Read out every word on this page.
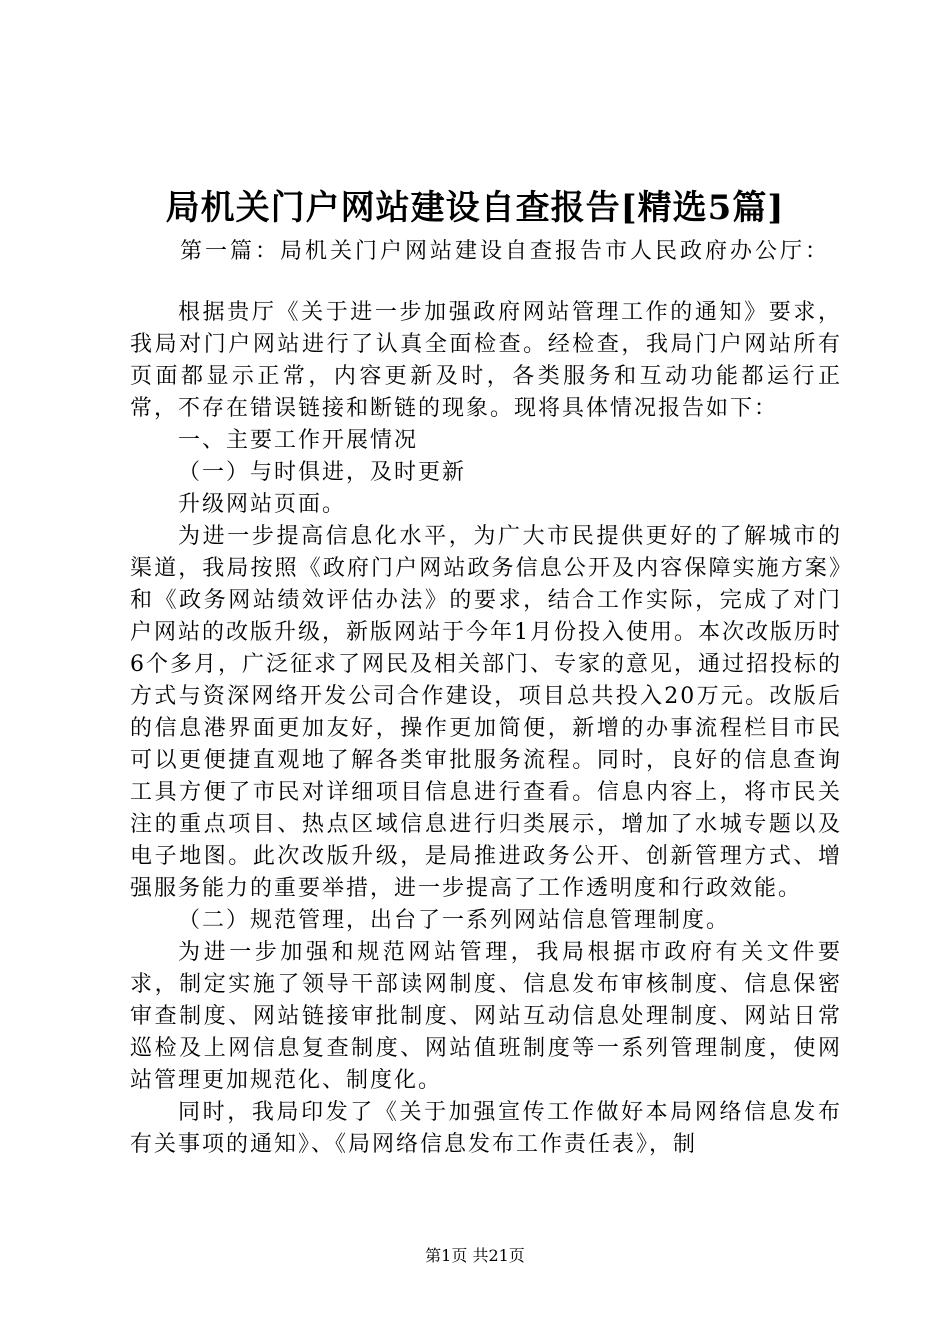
局机关门户网站建设自查报告[精选5篇]
第一篇：局机关门户网站建设自查报告市人民政府办公厅：

根据贵厅《关于进一步加强政府网站管理工作的通知》要求，我局对门户网站进行了认真全面检查。经检查，我局门户网站所有页面都显示正常，内容更新及时，各类服务和互动功能都运行正常，不存在错误链接和断链的现象。现将具体情况报告如下：

一、主要工作开展情况

（一）与时俱进，及时更新

升级网站页面。

为进一步提高信息化水平，为广大市民提供更好的了解城市的渠道，我局按照《政府门户网站政务信息公开及内容保障实施方案》和《政务网站绩效评估办法》的要求，结合工作实际，完成了对门户网站的改版升级，新版网站于今年1月份投入使用。本次改版历时6个多月，广泛征求了网民及相关部门、专家的意见，通过招投标的方式与资深网络开发公司合作建设，项目总共投入20万元。改版后的信息港界面更加友好，操作更加简便，新增的办事流程栏目市民可以更便捷直观地了解各类审批服务流程。同时，良好的信息查询工具方便了市民对详细项目信息进行查看。信息内容上，将市民关注的重点项目、热点区域信息进行归类展示，增加了水城专题以及电子地图。此次改版升级，是局推进政务公开、创新管理方式、增强服务能力的重要举措，进一步提高了工作透明度和行政效能。

（二）规范管理，出台了一系列网站信息管理制度。

为进一步加强和规范网站管理，我局根据市政府有关文件要求，制定实施了领导干部读网制度、信息发布审核制度、信息保密审查制度、网站链接审批制度、网站互动信息处理制度、网站日常巡检及上网信息复查制度、网站值班制度等一系列管理制度，使网站管理更加规范化、制度化。

同时，我局印发了《关于加强宣传工作做好本局网络信息发布有关事项的通知》、《局网络信息发布工作责任表》，制

第1页 共21页
